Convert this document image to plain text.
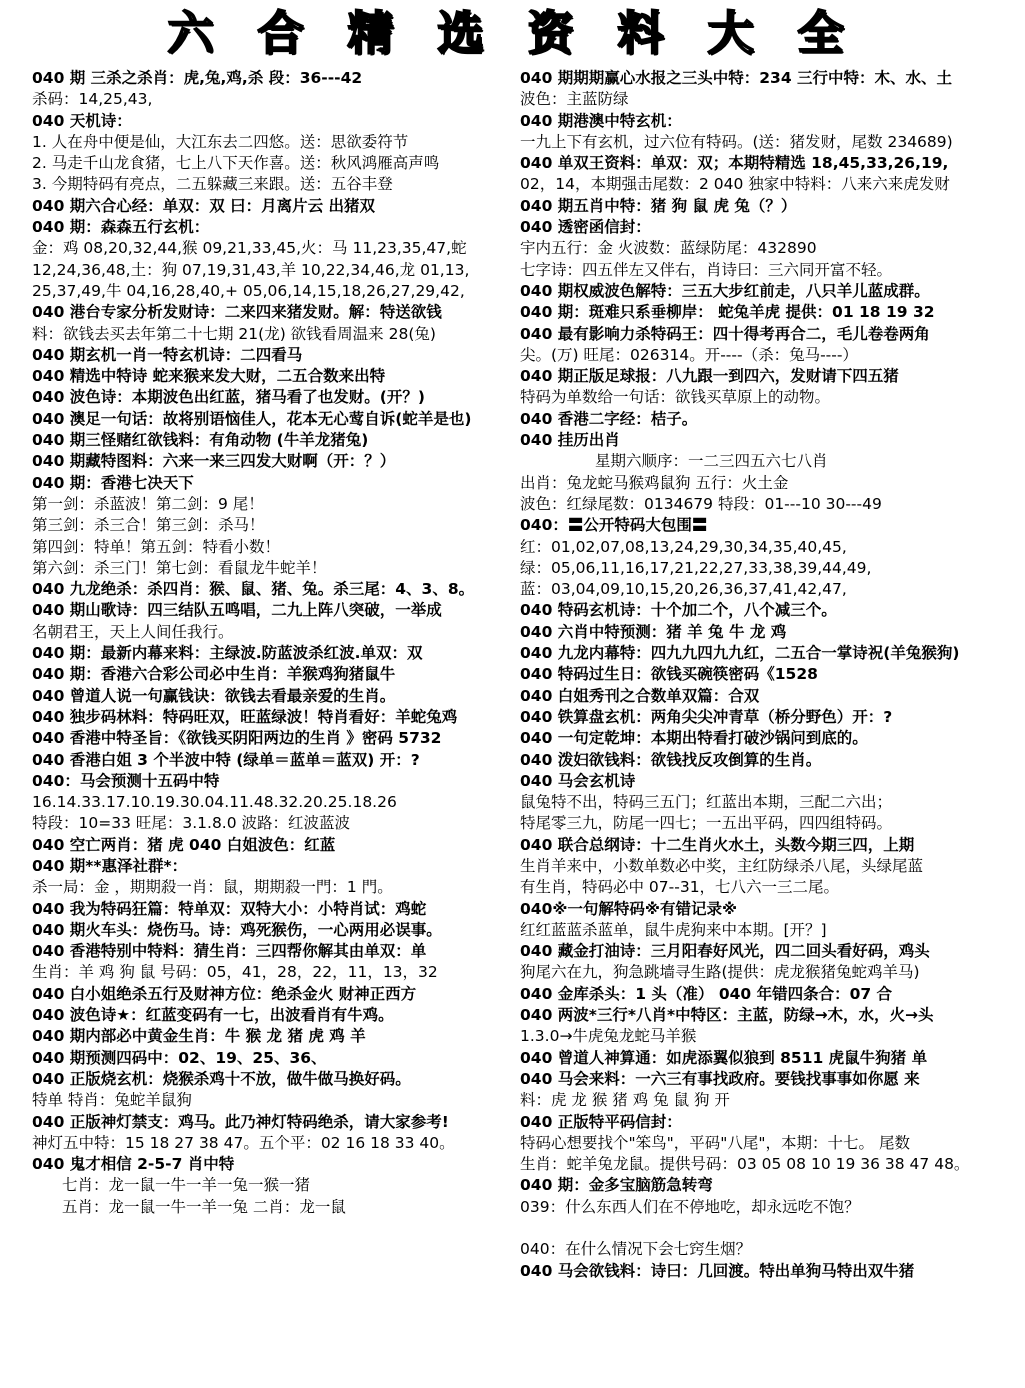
六 合 精 选 资 料 大 全
040 期 三杀之杀肖：虎,兔,鸡,杀 段：36---42
杀码：14,25,43,
040 天机诗：
1. 人在舟中便是仙，大江东去二四悠。送：思欲委符节
2. 马走千山龙食猪，七上八下天作喜。送：秋风鸿雁高声鸣
3. 今期特码有亮点，二五躲藏三来跟。送：五谷丰登
040 期六合心经：单双：双 曰：月离片云 出猪双
040 期：森森五行玄机：
金：鸡 08,20,32,44,猴 09,21,33,45,火：马 11,23,35,47,蛇
12,24,36,48,土：狗 07,19,31,43,羊 10,22,34,46,龙 01,13,
25,37,49,牛 04,16,28,40,+ 05,06,14,15,18,26,27,29,42,
040 港台专家分析发财诗：二来四来猪发财。解：特送欲钱
料：欲钱去买去年第二十七期 21(龙) 欲钱看周温来 28(兔)
040 期玄机一肖一特玄机诗：二四看马
040 精选中特诗 蛇来猴来发大财，二五合数来出特
040 波色诗：本期波色出红蓝，猪马看了也发财。(开？)
040 澳足一句话：故将别语恼佳人，花本无心莺自诉(蛇羊是也)
040 期三怪赌红欲钱料：有角动物 (牛羊龙猪兔)
040 期藏特图料：六来一来三四发大财啊（开：？）
040 期：香港七决天下
第一剑：杀蓝波！第二剑：9 尾！
第三剑：杀三合！第三剑：杀马！
第四剑：特单！第五剑：特看小数！
第六剑：杀三门！第七剑：看鼠龙牛蛇羊！
040 九龙绝杀：杀四肖：猴、鼠、猪、兔。杀三尾：4、3、8。
040 期山歌诗：四三结队五鸣唱，二九上阵八突破，一举成
名朝君王，天上人间任我行。
040 期：最新内幕来料：主绿波.防蓝波杀红波.单双：双
040 期：香港六合彩公司必中生肖：羊猴鸡狗猪鼠牛
040 曾道人说一句赢钱诀：欲钱去看最亲爱的生肖。
040 独步码林料：特码旺双，旺蓝绿波！特肖看好：羊蛇兔鸡
040 香港中特圣旨：《欲钱买阴阳两边的生肖 》密码 5732
040 香港白姐 3 个半波中特 (绿单＝蓝单＝蓝双) 开：?
040：马会预测十五码中特
16.14.33.17.10.19.30.04.11.48.32.20.25.18.26
特段：10=33 旺尾：3.1.8.0 波路：红波蓝波
040 空亡两肖：猪 虎 040 白姐波色：红蓝
040 期**惠泽社群*：
杀一局：金 ，期期殺一肖：鼠，期期殺一門：1 門。
040 我为特码狂篇：特单双：双特大小：小特肖试：鸡蛇
040 期火车头：烧伤马。诗：鸡死猴伤，一心两用必误事。
040 香港特别中特料：猜生肖：三四帮你解其由单双：单
生肖：羊 鸡 狗 鼠 号码：05，41，28，22，11，13，32
040 白小姐绝杀五行及财神方位：绝杀金火 财神正西方
040 波色诗★：红蓝变码有一七，出波看肖有牛鸡。
040 期内部必中黄金生肖：牛 猴 龙 猪 虎 鸡 羊
040 期预测四码中：02、19、25、36、
040 正版烧玄机：烧猴杀鸡十不放，做牛做马换好码。
特单 特肖：兔蛇羊鼠狗
040 正版神灯禁支：鸡马。此乃神灯特码绝杀，请大家参考!
神灯五中特：15 18 27 38 47。五个平：02 16 18 33 40。
040 鬼才相信 2-5-7 肖中特
七肖：龙一鼠一牛一羊一兔一猴一猪
五肖：龙一鼠一牛一羊一兔 二肖：龙一鼠
040 期期期赢心水报之三头中特：234 三行中特：木、水、土
波色：主蓝防绿
040 期港澳中特玄机：
一九上下有玄机，过六位有特码。(送：猪发财，尾数 234689)
040 单双王资料：单双：双；本期特精选 18,45,33,26,19,
02，14，本期强击尾数：2 040 独家中特料：八来六来虎发财
040 期五肖中特：猪 狗 鼠 虎 兔（？）
040 透密函信封：
宇内五行：金 火波数：蓝绿防尾：432890
七字诗：四五伴左又伴右，肖诗曰：三六同开富不轻。
040 期权威波色解特：三五大步红前走，八只羊儿蓝成群。
040 期：斑难只系垂柳岸： 蛇兔羊虎 提供：01 18 19 32
040 最有影响力杀特码王：四十得考再合二，毛儿卷卷两角
尖。(万) 旺尾：026314。开----（杀：兔马----）
040 期正版足球报：八九跟一到四六，发财请下四五猪
特码为单数给一句话：欲钱买草原上的动物。
040 香港二字经：桔子。
040 挂历出肖
星期六顺序：一二三四五六七八肖
出肖：兔龙蛇马猴鸡鼠狗 五行：火土金
波色：红绿尾数：0134679 特段：01---10 30---49
040：〓公开特码大包围〓
红：01,02,07,08,13,24,29,30,34,35,40,45,
绿：05,06,11,16,17,21,22,27,33,38,39,44,49,
蓝：03,04,09,10,15,20,26,36,37,41,42,47,
040 特码玄机诗：十个加二个，八个减三个。
040 六肖中特预测：猪 羊 兔 牛 龙 鸡
040 九龙内幕特：四九九四九九红，二五合一掌诗祝(羊兔猴狗)
040 特码过生日：欲钱买碗筷密码《1528
040 白姐秀刊之合数单双篇：合双
040 铁算盘玄机：两角尖尖冲青草（桥分野色）开：?
040 一句定乾坤：本期出特看打破沙锅问到底的。
040 泼妇欲钱料：欲钱找反攻倒算的生肖。
040 马会玄机诗
鼠兔特不出，特码三五门；红蓝出本期，三配二六出；
特尾零三九，防尾一四七；一五出平码，四四组特码。
040 联合总纲诗：十二生肖火水土，头数今期三四，上期
生肖羊来中，小数单数必中奖，主红防绿杀八尾，头绿尾蓝
有生肖，特码必中 07--31，七八六一三二尾。
040※一句解特码※有错记录※
红红蓝蓝杀蓝单，鼠牛虎狗来中本期。[开？]
040 藏金打油诗：三月阳春好风光，四二回头看好码，鸡头
狗尾六在九，狗急跳墙寻生路(提供：虎龙猴猪兔蛇鸡羊马)
040 金库杀头：1 头（准） 040 年错四条合：07 合
040 两波*三行*八肖*中特区：主蓝，防绿→木，水，火→头
1.3.0→牛虎兔龙蛇马羊猴
040 曾道人神算通：如虎添翼似狼到 8511 虎鼠牛狗猪 单
040 马会来料：一六三有事找政府。要钱找事事如你愿 来
料：虎 龙 猴 猪 鸡 兔 鼠 狗 开
040 正版特平码信封：
特码心想要找个"笨鸟"，平码"八尾"，本期：十七。 尾数
生肖：蛇羊兔龙鼠。提供号码：03 05 08 10 19 36 38 47 48。
040 期：金多宝脑筋急转弯
039：什么东西人们在不停地吃，却永远吃不饱？
040：在什么情况下会七窍生烟？
040 马会欲钱料：诗曰：几回渡。特出单狗马特出双牛猪
